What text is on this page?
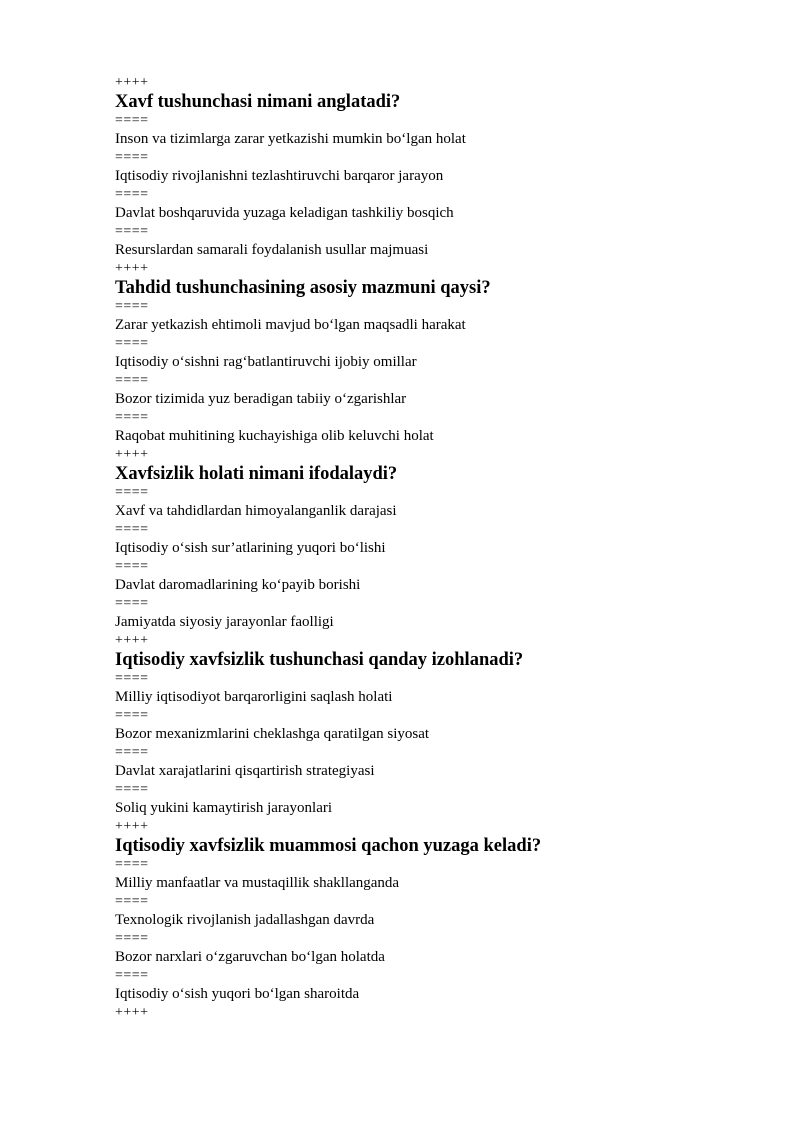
++++
Xavf tushunchasi nimani anglatadi?
====
Inson va tizimlarga zarar yetkazishi mumkin bo‘lgan holat
====
Iqtisodiy rivojlanishni tezlashtiruvchi barqaror jarayon
====
Davlat boshqaruvida yuzaga keladigan tashkiliy bosqich
====
Resurslardan samarali foydalanish usullar majmuasi
++++
Tahdid tushunchasining asosiy mazmuni qaysi?
====
Zarar yetkazish ehtimoli mavjud bo‘lgan maqsadli harakat
====
Iqtisodiy o‘sishni rag‘batlantiruvchi ijobiy omillar
====
Bozor tizimida yuz beradigan tabiiy o‘zgarishlar
====
Raqobat muhitining kuchayishiga olib keluvchi holat
++++
Xavfsizlik holati nimani ifodalaydi?
====
Xavf va tahdidlardan himoyalanganlik darajasi
====
Iqtisodiy o‘sish sur’atlarining yuqori bo‘lishi
====
Davlat daromadlarining ko‘payib borishi
====
Jamiyatda siyosiy jarayonlar faolligi
++++
Iqtisodiy xavfsizlik tushunchasi qanday izohlanadi?
====
Milliy iqtisodiyot barqarorligini saqlash holati
====
Bozor mexanizmlarini cheklashga qaratilgan siyosat
====
Davlat xarajatlarini qisqartirish strategiyasi
====
Soliq yukini kamaytirish jarayonlari
++++
Iqtisodiy xavfsizlik muammosi qachon yuzaga keladi?
====
Milliy manfaatlar va mustaqillik shakllanganda
====
Texnologik rivojlanish jadallashgan davrda
====
Bozor narxlari o‘zgaruvchan bo‘lgan holatda
====
Iqtisodiy o‘sish yuqori bo‘lgan sharoitda
++++
